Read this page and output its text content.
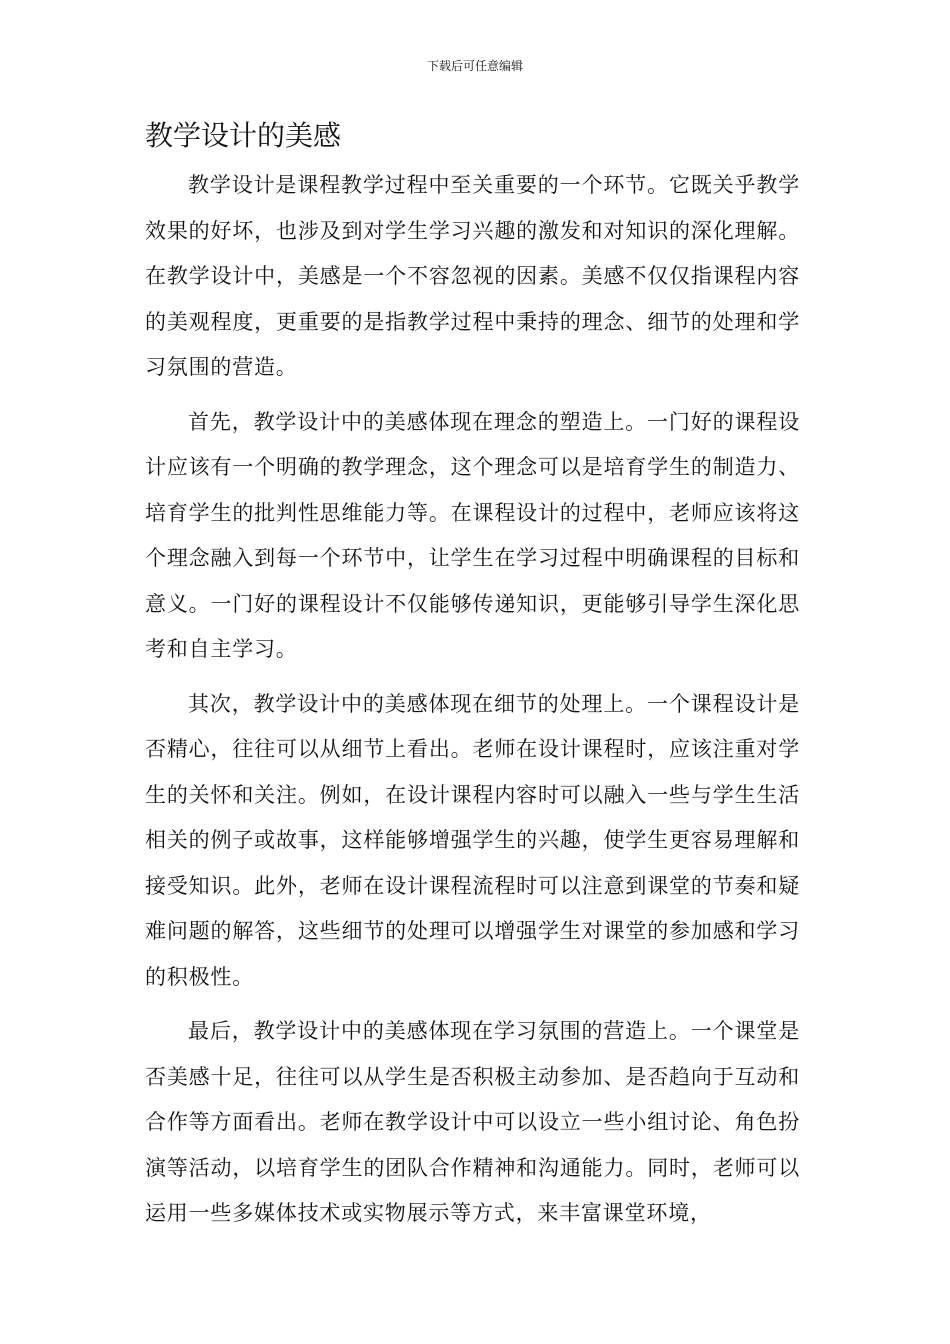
下载后可任意编辑
教学设计的美感

教学设计是课程教学过程中至关重要的一个环节。它既关乎教学效果的好坏，也涉及到对学生学习兴趣的激发和对知识的深化理解。在教学设计中，美感是一个不容忽视的因素。美感不仅仅指课程内容的美观程度，更重要的是指教学过程中秉持的理念、细节的处理和学习氛围的营造。

首先，教学设计中的美感体现在理念的塑造上。一门好的课程设计应该有一个明确的教学理念，这个理念可以是培育学生的制造力、培育学生的批判性思维能力等。在课程设计的过程中，老师应该将这个理念融入到每一个环节中，让学生在学习过程中明确课程的目标和意义。一门好的课程设计不仅能够传递知识，更能够引导学生深化思考和自主学习。

其次，教学设计中的美感体现在细节的处理上。一个课程设计是否精心，往往可以从细节上看出。老师在设计课程时，应该注重对学生的关怀和关注。例如，在设计课程内容时可以融入一些与学生生活相关的例子或故事，这样能够增强学生的兴趣，使学生更容易理解和接受知识。此外，老师在设计课程流程时可以注意到课堂的节奏和疑难问题的解答，这些细节的处理可以增强学生对课堂的参加感和学习的积极性。

最后，教学设计中的美感体现在学习氛围的营造上。一个课堂是否美感十足，往往可以从学生是否积极主动参加、是否趋向于互动和合作等方面看出。老师在教学设计中可以设立一些小组讨论、角色扮演等活动，以培育学生的团队合作精神和沟通能力。同时，老师可以运用一些多媒体技术或实物展示等方式，来丰富课堂环境，
